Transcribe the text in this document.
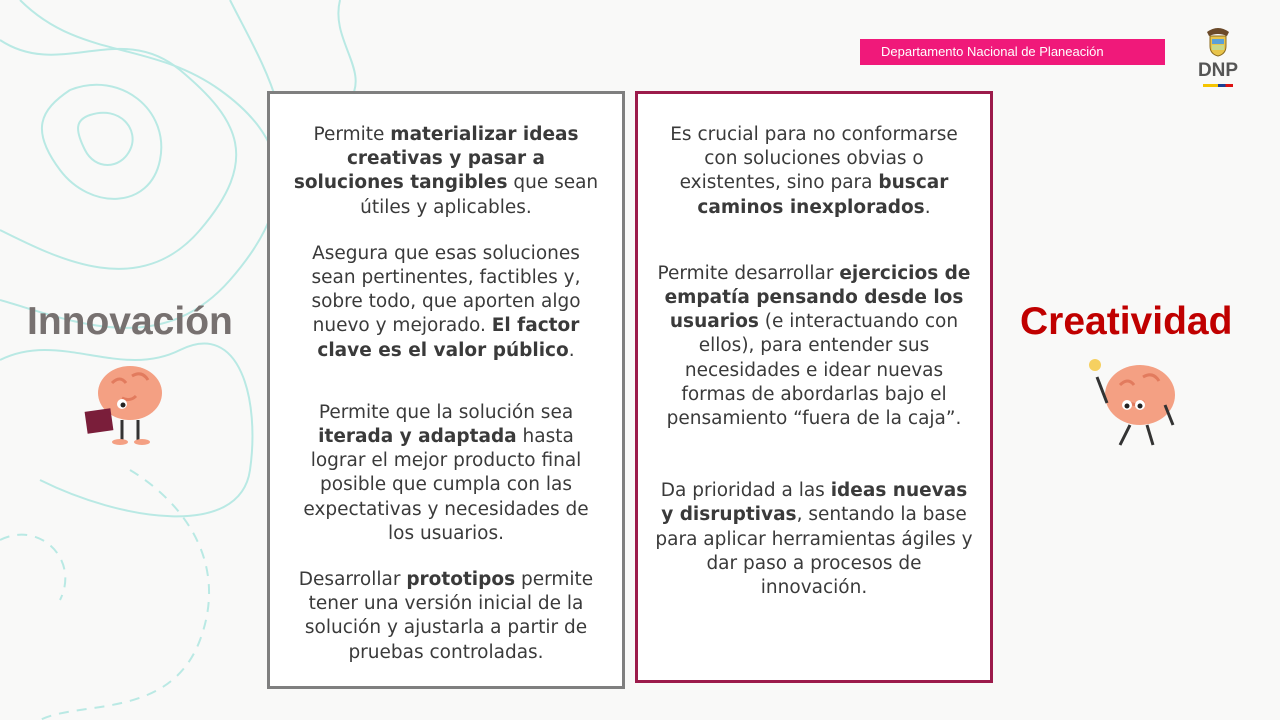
Departamento Nacional de Planeación
DNP
Innovación	Creatividad

Permite materializar ideas creativas y pasar a soluciones tangibles que sean útiles y aplicables.

Asegura que esas soluciones sean pertinentes, factibles y, sobre todo, que aporten algo nuevo y mejorado. El factor clave es el valor público.

Permite que la solución sea iterada y adaptada hasta lograr el mejor producto final posible que cumpla con las expectativas y necesidades de los usuarios.

Desarrollar prototipos permite tener una versión inicial de la solución y ajustarla a partir de pruebas controladas.

Es crucial para no conformarse con soluciones obvias o existentes, sino para buscar caminos inexplorados.

Permite desarrollar ejercicios de empatía pensando desde los usuarios (e interactuando con ellos), para entender sus necesidades e idear nuevas formas de abordarlas bajo el pensamiento “fuera de la caja”.

Da prioridad a las ideas nuevas y disruptivas, sentando la base para aplicar herramientas ágiles y dar paso a procesos de innovación.
